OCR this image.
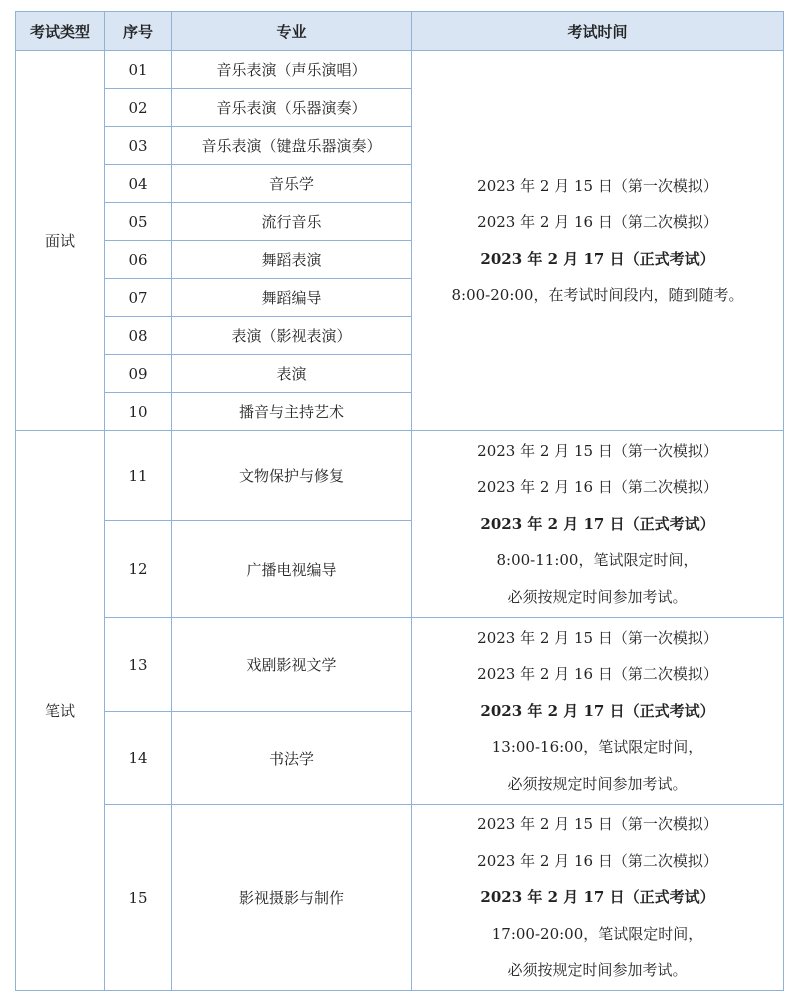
考试类型	序号	专业	考试时间
面试	01	音乐表演（声乐演唱）	2023 年 2 月 15 日（第一次模拟）
2023 年 2 月 16 日（第二次模拟）
2023 年 2 月 17 日（正式考试）
8:00-20:00，在考试时间段内，随到随考。

	02	音乐表演（乐器演奏）	
	03	音乐表演（键盘乐器演奏）	
	04	音乐学	
	05	流行音乐	
	06	舞蹈表演	
	07	舞蹈编导	
	08	表演（影视表演）	
	09	表演	
	10	播音与主持艺术	
笔试	11	文物保护与修复	2023 年 2 月 15 日（第一次模拟）
2023 年 2 月 16 日（第二次模拟）
2023 年 2 月 17 日（正式考试）
8:00-11:00，笔试限定时间，
必须按规定时间参加考试。

	12	广播电视编导	
	13	戏剧影视文学	2023 年 2 月 15 日（第一次模拟）
2023 年 2 月 16 日（第二次模拟）
2023 年 2 月 17 日（正式考试）
13:00-16:00，笔试限定时间，
必须按规定时间参加考试。

	14	书法学	
	15	影视摄影与制作	2023 年 2 月 15 日（第一次模拟）
2023 年 2 月 16 日（第二次模拟）
2023 年 2 月 17 日（正式考试）
17:00-20:00，笔试限定时间，
必须按规定时间参加考试。
